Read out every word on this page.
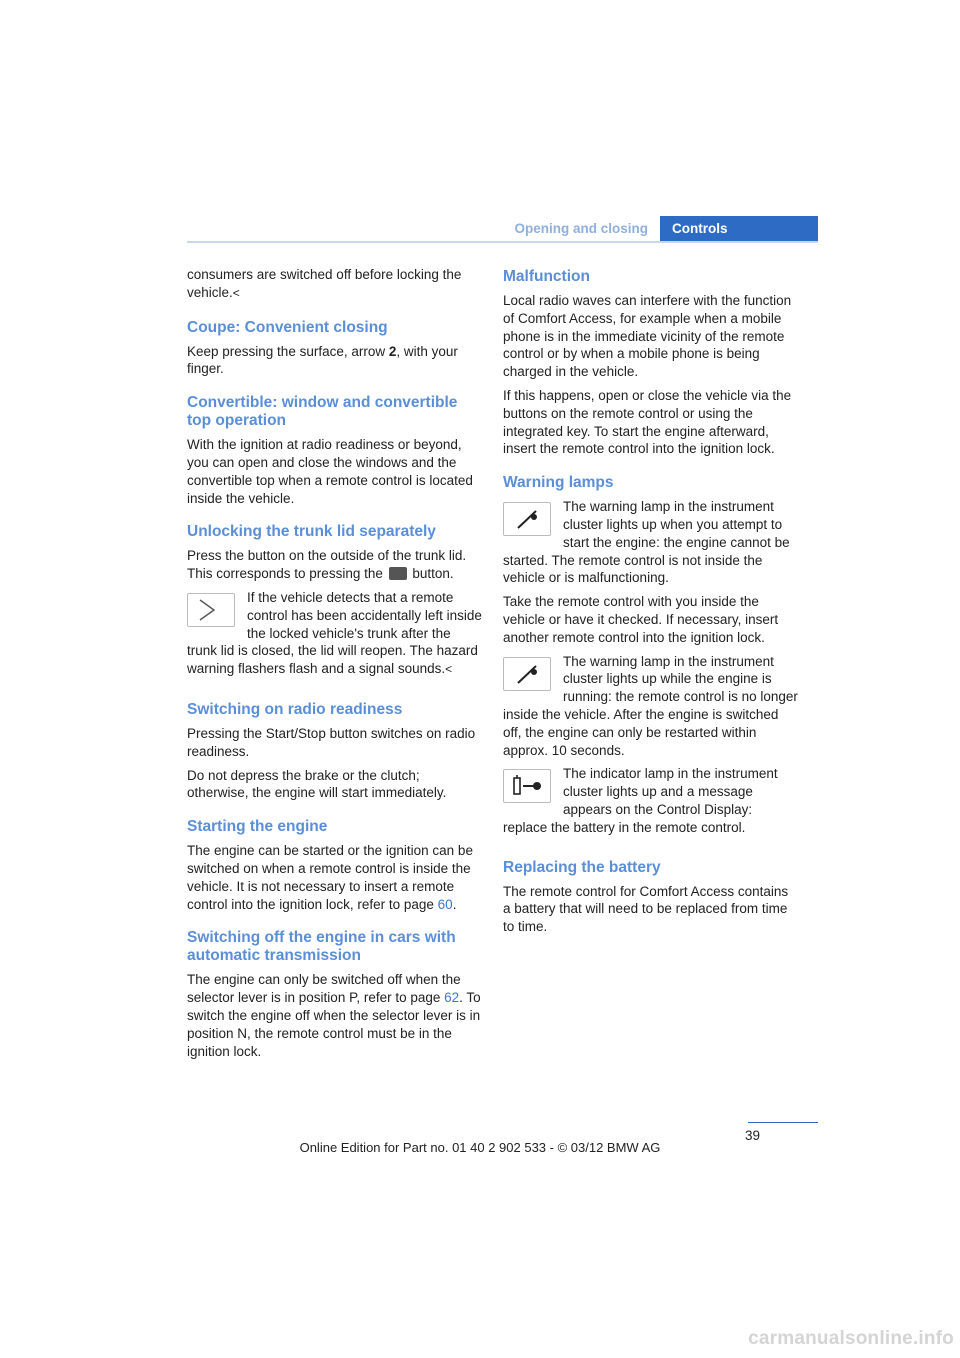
Opening and closing	Controls

consumers are switched off before locking the vehicle.<

Coupe: Convenient closing

Keep pressing the surface, arrow 2, with your finger.

Convertible: window and convertible top operation

With the ignition at radio readiness or beyond, you can open and close the windows and the convertible top when a remote control is located inside the vehicle.

Unlocking the trunk lid separately

Press the button on the outside of the trunk lid. This corresponds to pressing the button.

If the vehicle detects that a remote control has been accidentally left inside the locked vehicle's trunk after the trunk lid is closed, the lid will reopen. The hazard warning flashers flash and a signal sounds.<

Switching on radio readiness

Pressing the Start/Stop button switches on radio readiness.

Do not depress the brake or the clutch; otherwise, the engine will start immediately.

Starting the engine

The engine can be started or the ignition can be switched on when a remote control is inside the vehicle. It is not necessary to insert a remote control into the ignition lock, refer to page 60.

Switching off the engine in cars with automatic transmission

The engine can only be switched off when the selector lever is in position P, refer to page 62. To switch the engine off when the selector lever is in position N, the remote control must be in the ignition lock.

Malfunction

Local radio waves can interfere with the function of Comfort Access, for example when a mobile phone is in the immediate vicinity of the remote control or by when a mobile phone is being charged in the vehicle.

If this happens, open or close the vehicle via the buttons on the remote control or using the integrated key. To start the engine afterward, insert the remote control into the ignition lock.

Warning lamps

The warning lamp in the instrument cluster lights up when you attempt to start the engine: the engine cannot be started. The remote control is not inside the vehicle or is malfunctioning.

Take the remote control with you inside the vehicle or have it checked. If necessary, insert another remote control into the ignition lock.

The warning lamp in the instrument cluster lights up while the engine is running: the remote control is no longer inside the vehicle. After the engine is switched off, the engine can only be restarted within approx. 10 seconds.

The indicator lamp in the instrument cluster lights up and a message appears on the Control Display: replace the battery in the remote control.

Replacing the battery

The remote control for Comfort Access contains a battery that will need to be replaced from time to time.

39
Online Edition for Part no. 01 40 2 902 533 - © 03/12 BMW AG
carmanualsonline.info
